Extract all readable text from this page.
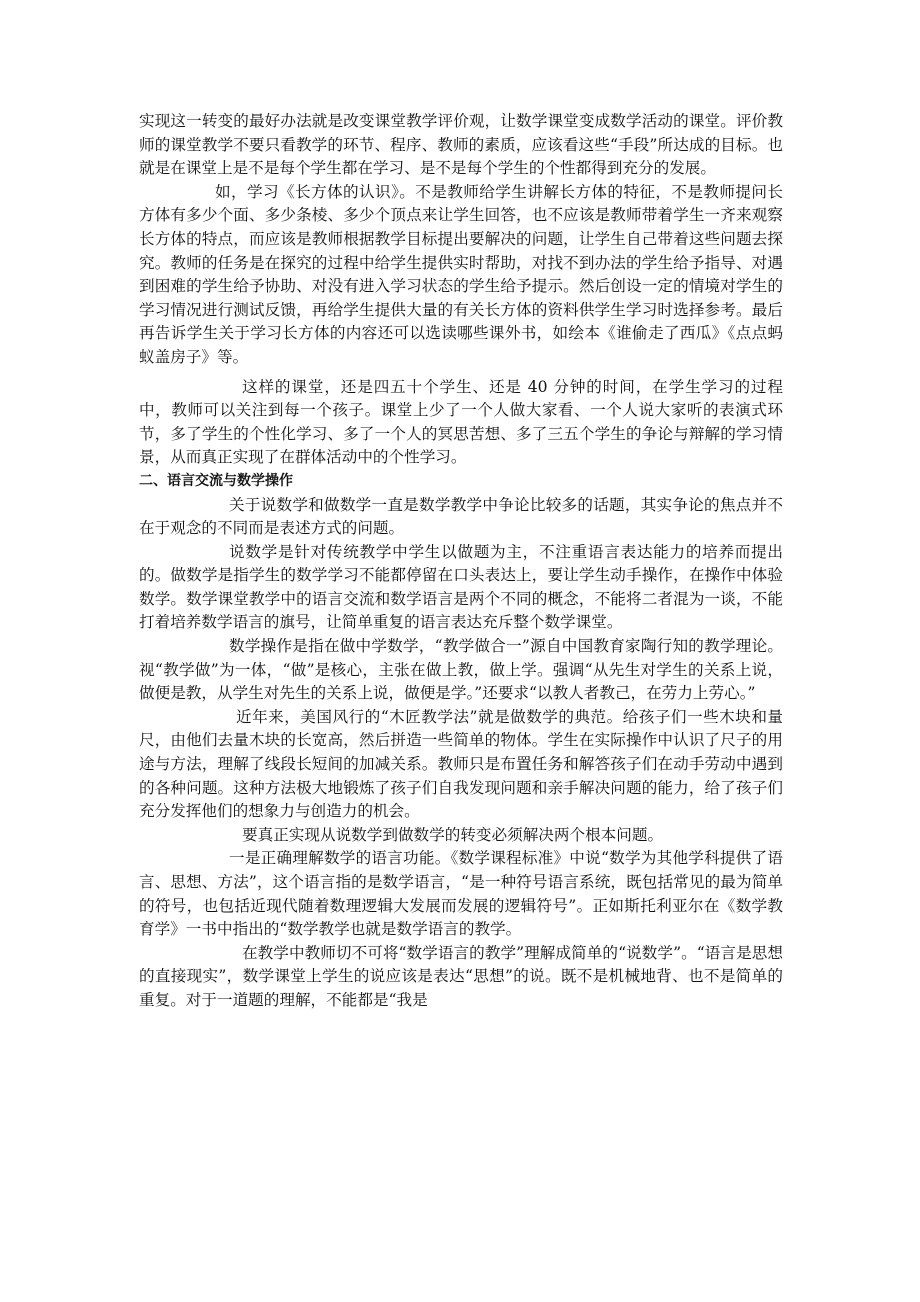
实现这一转变的最好办法就是改变课堂教学评价观，让数学课堂变成数学活动的课堂。评价教师的课堂教学不要只看教学的环节、程序、教师的素质，应该看这些“手段”所达成的目标。也就是在课堂上是不是每个学生都在学习、是不是每个学生的个性都得到充分的发展。

如，学习《长方体的认识》。不是教师给学生讲解长方体的特征，不是教师提问长方体有多少个面、多少条棱、多少个顶点来让学生回答，也不应该是教师带着学生一齐来观察长方体的特点，而应该是教师根据教学目标提出要解决的问题，让学生自己带着这些问题去探究。教师的任务是在探究的过程中给学生提供实时帮助，对找不到办法的学生给予指导、对遇到困难的学生给予协助、对没有进入学习状态的学生给予提示。然后创设一定的情境对学生的学习情况进行测试反馈，再给学生提供大量的有关长方体的资料供学生学习时选择参考。最后再告诉学生关于学习长方体的内容还可以选读哪些课外书，如绘本《谁偷走了西瓜》《点点蚂蚁盖房子》等。

这样的课堂，还是四五十个学生、还是 40 分钟的时间，在学生学习的过程中，教师可以关注到每一个孩子。课堂上少了一个人做大家看、一个人说大家听的表演式环节，多了学生的个性化学习、多了一个人的冥思苦想、多了三五个学生的争论与辩解的学习情景，从而真正实现了在群体活动中的个性学习。

二、语言交流与数学操作

关于说数学和做数学一直是数学教学中争论比较多的话题，其实争论的焦点并不在于观念的不同而是表述方式的问题。

说数学是针对传统教学中学生以做题为主，不注重语言表达能力的培养而提出的。做数学是指学生的数学学习不能都停留在口头表达上，要让学生动手操作，在操作中体验数学。数学课堂教学中的语言交流和数学语言是两个不同的概念，不能将二者混为一谈，不能打着培养数学语言的旗号，让简单重复的语言表达充斥整个数学课堂。

数学操作是指在做中学数学，“教学做合一”源自中国教育家陶行知的教学理论。视“教学做”为一体，“做”是核心，主张在做上教，做上学。强调“从先生对学生的关系上说，做便是教，从学生对先生的关系上说，做便是学。”还要求“以教人者教己，在劳力上劳心。”

近年来，美国风行的“木匠教学法”就是做数学的典范。给孩子们一些木块和量尺，由他们去量木块的长宽高，然后拼造一些简单的物体。学生在实际操作中认识了尺子的用途与方法，理解了线段长短间的加减关系。教师只是布置任务和解答孩子们在动手劳动中遇到的各种问题。这种方法极大地锻炼了孩子们自我发现问题和亲手解决问题的能力，给了孩子们充分发挥他们的想象力与创造力的机会。

要真正实现从说数学到做数学的转变必须解决两个根本问题。

一是正确理解数学的语言功能。《数学课程标准》中说“数学为其他学科提供了语言、思想、方法”，这个语言指的是数学语言，“是一种符号语言系统，既包括常见的最为简单的符号，也包括近现代随着数理逻辑大发展而发展的逻辑符号”。正如斯托利亚尔在《数学教育学》一书中指出的“数学教学也就是数学语言的教学。

在教学中教师切不可将“数学语言的教学”理解成简单的“说数学”。“语言是思想的直接现实”，数学课堂上学生的说应该是表达“思想”的说。既不是机械地背、也不是简单的重复。对于一道题的理解，不能都是“我是
